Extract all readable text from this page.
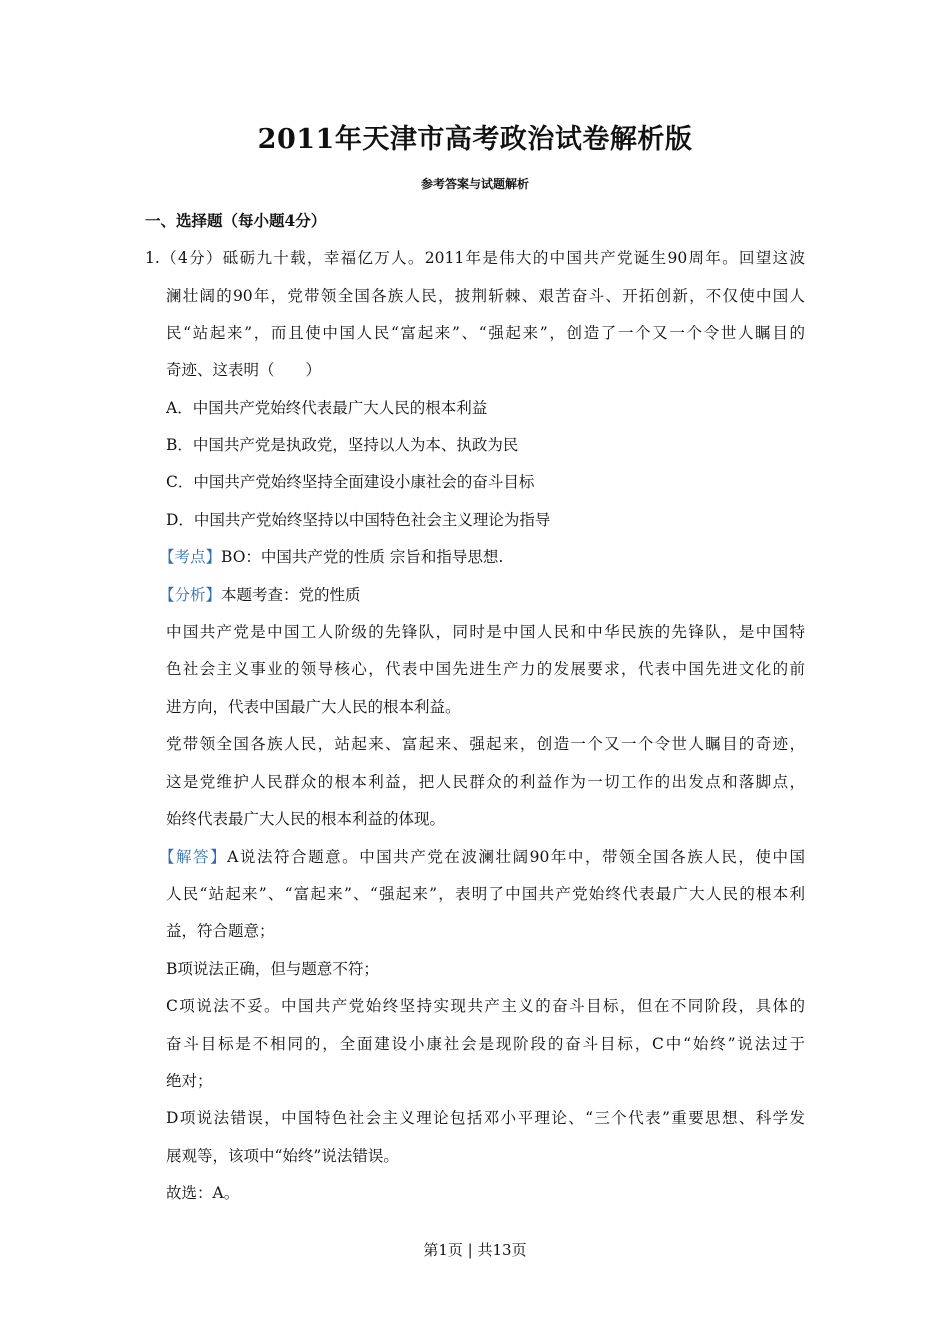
2011年天津市高考政治试卷解析版
参考答案与试题解析
一、选择题（每小题4分）
1.（4分）砥砺九十载，幸福亿万人。2011年是伟大的中国共产党诞生90周年。回望这波
澜壮阔的90年，党带领全国各族人民，披荆斩棘、艰苦奋斗、开拓创新，不仅使中国人
民“站起来”，而且使中国人民“富起来”、“强起来”，创造了一个又一个令世人瞩目的
奇迹、这表明（　　）
A．中国共产党始终代表最广大人民的根本利益
B．中国共产党是执政党，坚持以人为本、执政为民
C．中国共产党始终坚持全面建设小康社会的奋斗目标
D．中国共产党始终坚持以中国特色社会主义理论为指导
【考点】BO：中国共产党的性质 宗旨和指导思想.
【分析】本题考查：党的性质
中国共产党是中国工人阶级的先锋队，同时是中国人民和中华民族的先锋队，是中国特
色社会主义事业的领导核心，代表中国先进生产力的发展要求，代表中国先进文化的前
进方向，代表中国最广大人民的根本利益。
党带领全国各族人民，站起来、富起来、强起来，创造一个又一个令世人瞩目的奇迹，
这是党维护人民群众的根本利益，把人民群众的利益作为一切工作的出发点和落脚点，
始终代表最广大人民的根本利益的体现。
【解答】A说法符合题意。中国共产党在波澜壮阔90年中，带领全国各族人民，使中国
人民“站起来”、“富起来”、“强起来”，表明了中国共产党始终代表最广大人民的根本利
益，符合题意；
B项说法正确，但与题意不符；
C项说法不妥。中国共产党始终坚持实现共产主义的奋斗目标，但在不同阶段，具体的
奋斗目标是不相同的，全面建设小康社会是现阶段的奋斗目标，C中“始终”说法过于
绝对；
D项说法错误，中国特色社会主义理论包括邓小平理论、“三个代表”重要思想、科学发
展观等，该项中“始终”说法错误。
故选：A。
第1页 | 共13页
